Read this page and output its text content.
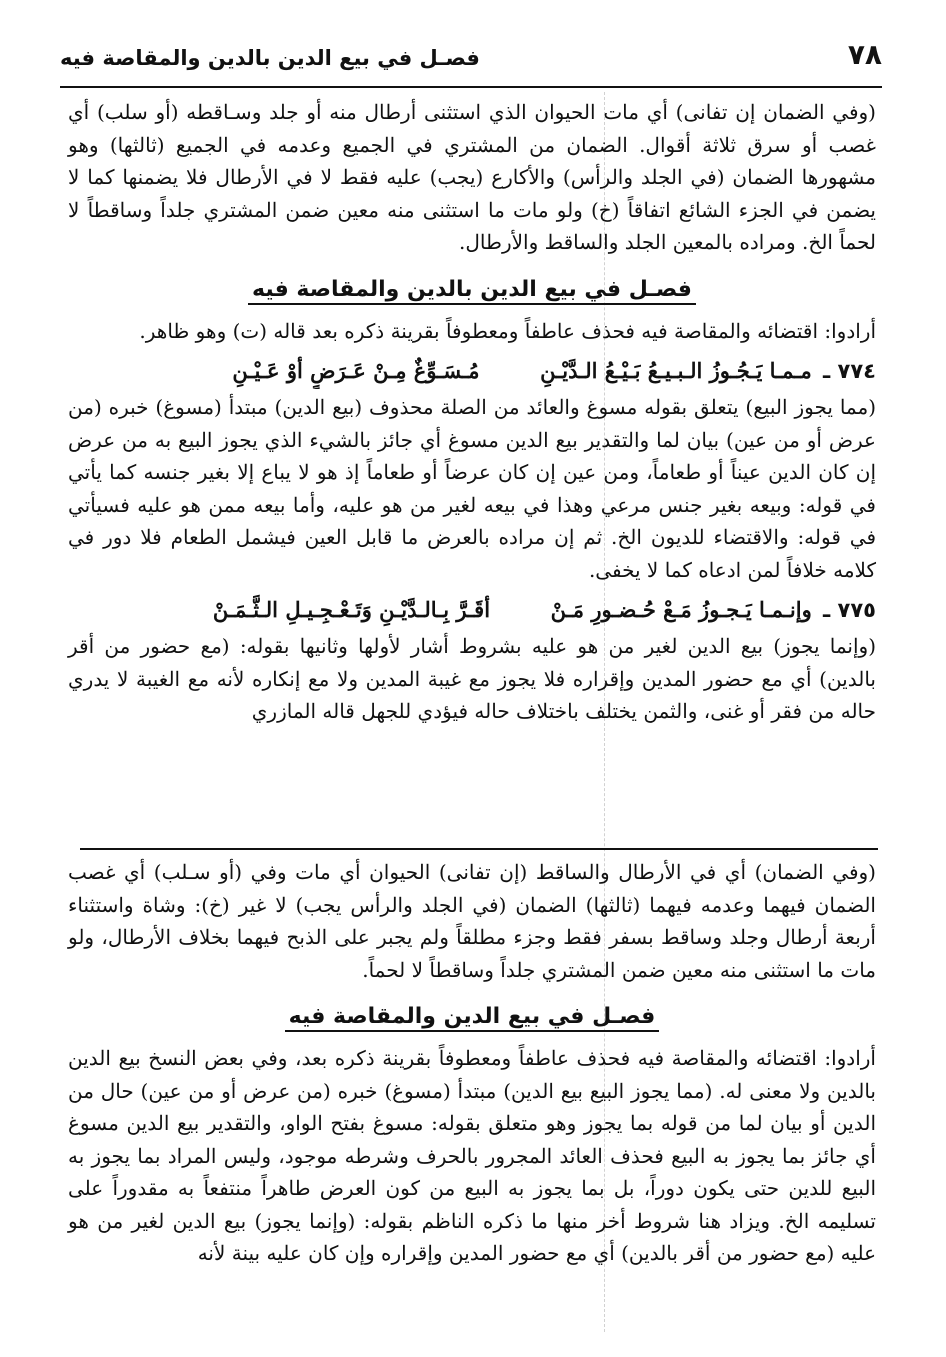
٧٨
فصـل في بيع الدين بالدين والمقاصة فيه

(وفي الضمان إن تفانى) أي مات الحيوان الذي استثنى أرطال منه أو جلد وسـاقطه (أو سلب) أي غصب أو سرق ثلاثة أقوال. الضمان من المشتري في الجميع وعدمه في الجميع (ثالثها) وهو مشهورها الضمان (في الجلد والرأس) والأكارع (يجب) عليه فقط لا في الأرطال فلا يضمنها كما لا يضمن في الجزء الشائع اتفاقاً (خ) ولو مات ما استثنى منه معين ضمن المشتري جلداً وساقطاً لا لحماً الخ. ومراده بالمعين الجلد والساقط والأرطال.

فصـل في بيع الدين بالدين والمقاصة فيه

أرادوا: اقتضائه والمقاصة فيه فحذف عاطفاً ومعطوفاً بقرينة ذكره بعد قاله (ت) وهو ظاهر.

٧٧٤ ـ مـمـا يَـجُـوزُ الـبـيـعُ بَـيْـعُ الـدَّيْـنِ  مُـسَـوِّغٌ مِـنْ عَـرَضٍ أوْ عَـيْـنِ

(مما يجوز البيع) يتعلق بقوله مسوغ والعائد من الصلة محذوف (بيع الدين) مبتدأ (مسوغ) خبره (من عرض أو من عين) بيان لما والتقدير بيع الدين مسوغ أي جائز بالشيء الذي يجوز البيع به من عرض إن كان الدين عيناً أو طعاماً، ومن عين إن كان عرضاً أو طعاماً إذ هو لا يباع إلا بغير جنسه كما يأتي في قوله: وبيعه بغير جنس مرعي وهذا في بيعه لغير من هو عليه، وأما بيعه ممن هو عليه فسيأتي في قوله: والاقتضاء للديون الخ. ثم إن مراده بالعرض ما قابل العين فيشمل الطعام فلا دور في كلامه خلافاً لمن ادعاه كما لا يخفى.

٧٧٥ ـ وإنـمـا يَـجـوزُ مَـعْ حُـضـورِ مَـنْ  أقَـرَّ بِـالـدَّيْـنِ وَتَـعْـجِـيـلِ الـثَّـمَـنْ

(وإنما يجوز) بيع الدين لغير من هو عليه بشروط أشار لأولها وثانيها بقوله: (مع حضور من أقر بالدين) أي مع حضور المدين وإقراره فلا يجوز مع غيبة المدين ولا مع إنكاره لأنه مع الغيبة لا يدري حاله من فقر أو غنى، والثمن يختلف باختلاف حاله فيؤدي للجهل قاله المازري

(وفي الضمان) أي في الأرطال والساقط (إن تفانى) الحيوان أي مات وفي (أو سـلب) أي غصب الضمان فيهما وعدمه فيهما (ثالثها) الضمان (في الجلد والرأس يجب) لا غير (خ): وشاة واستثناء أربعة أرطال وجلد وساقط بسفر فقط وجزء مطلقاً ولم يجبر على الذبح فيهما بخلاف الأرطال، ولو مات ما استثنى منه معين ضمن المشتري جلداً وساقطاً لا لحماً.

فصـل في بيع الدين والمقاصة فيه

أرادوا: اقتضائه والمقاصة فيه فحذف عاطفاً ومعطوفاً بقرينة ذكره بعد، وفي بعض النسخ بيع الدين بالدين ولا معنى له. (مما يجوز البيع بيع الدين) مبتدأ (مسوغ) خبره (من عرض أو من عين) حال من الدين أو بيان لما من قوله بما يجوز وهو متعلق بقوله: مسوغ بفتح الواو، والتقدير بيع الدين مسوغ أي جائز بما يجوز به البيع فحذف العائد المجرور بالحرف وشرطه موجود، وليس المراد بما يجوز به البيع للدين حتى يكون دوراً، بل بما يجوز به البيع من كون العرض طاهراً منتفعاً به مقدوراً على تسليمه الخ. ويزاد هنا شروط أخر منها ما ذكره الناظم بقوله: (وإنما يجوز) بيع الدين لغير من هو عليه (مع حضور من أقر بالدين) أي مع حضور المدين وإقراره وإن كان عليه بينة لأنه
